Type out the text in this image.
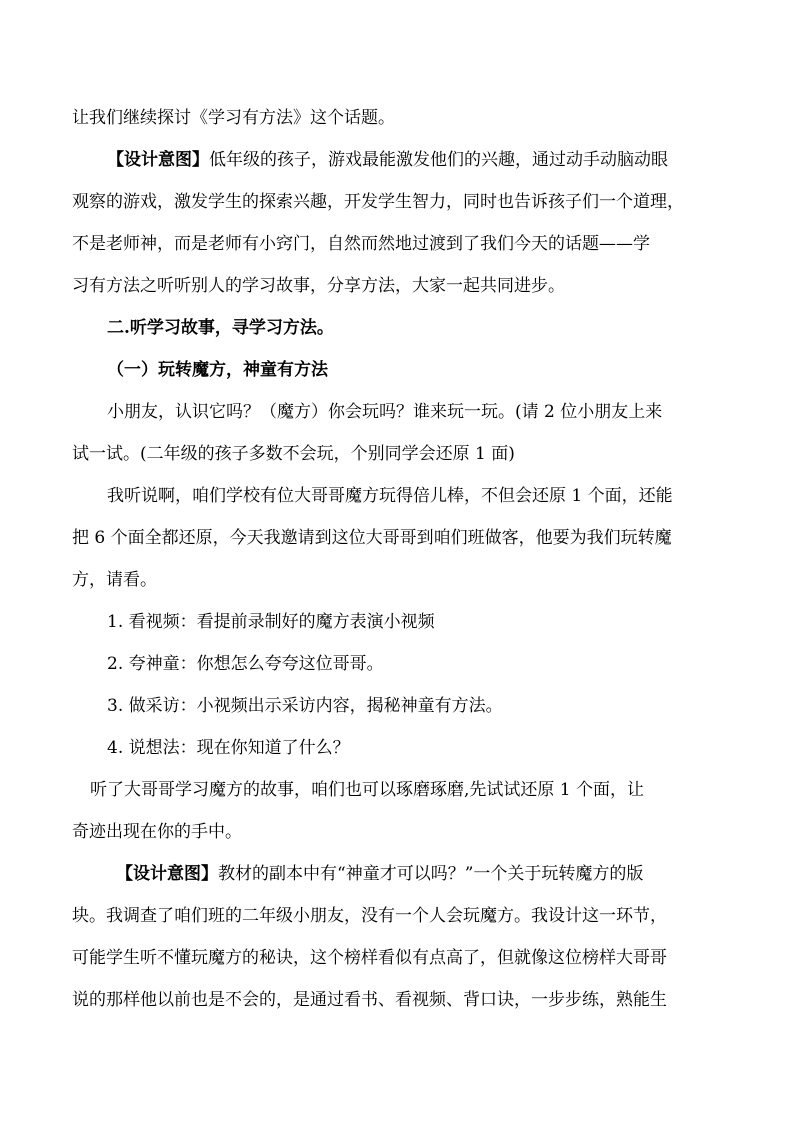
让我们继续探讨《学习有方法》这个话题。
【设计意图】低年级的孩子，游戏最能激发他们的兴趣，通过动手动脑动眼
观察的游戏，激发学生的探索兴趣，开发学生智力，同时也告诉孩子们一个道理，
不是老师神，而是老师有小窍门，自然而然地过渡到了我们今天的话题——学
习有方法之听听别人的学习故事，分享方法，大家一起共同进步。
二.听学习故事，寻学习方法。
（一）玩转魔方，神童有方法
小朋友，认识它吗？（魔方）你会玩吗？谁来玩一玩。(请 2 位小朋友上来
试一试。(二年级的孩子多数不会玩，个别同学会还原 1 面)
我听说啊，咱们学校有位大哥哥魔方玩得倍儿棒，不但会还原 1 个面，还能
把 6 个面全都还原，今天我邀请到这位大哥哥到咱们班做客，他要为我们玩转魔
方，请看。
1. 看视频：看提前录制好的魔方表演小视频
2. 夸神童：你想怎么夸夸这位哥哥。
3. 做采访：小视频出示采访内容，揭秘神童有方法。
4. 说想法：现在你知道了什么？
听了大哥哥学习魔方的故事，咱们也可以琢磨琢磨,先试试还原 1 个面，让
奇迹出现在你的手中。
【设计意图】教材的副本中有“神童才可以吗？”一个关于玩转魔方的版
块。我调查了咱们班的二年级小朋友，没有一个人会玩魔方。我设计这一环节，
可能学生听不懂玩魔方的秘诀，这个榜样看似有点高了，但就像这位榜样大哥哥
说的那样他以前也是不会的，是通过看书、看视频、背口诀，一步步练，熟能生
